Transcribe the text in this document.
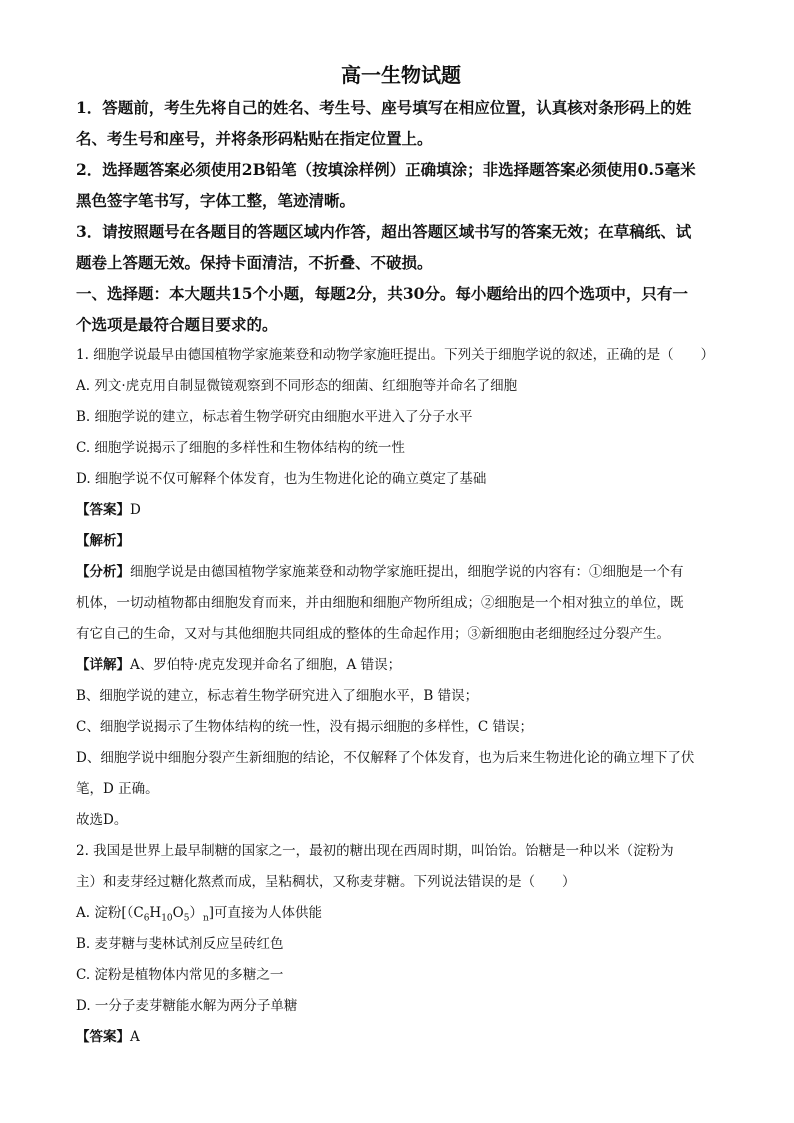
高一生物试题
1．答题前，考生先将自己的姓名、考生号、座号填写在相应位置，认真核对条形码上的姓
名、考生号和座号，并将条形码粘贴在指定位置上。
2．选择题答案必须使用2B铅笔（按填涂样例）正确填涂；非选择题答案必须使用0.5毫米
黑色签字笔书写，字体工整，笔迹清晰。
3．请按照题号在各题目的答题区域内作答，超出答题区域书写的答案无效；在草稿纸、试
题卷上答题无效。保持卡面清洁，不折叠、不破损。
一、选择题：本大题共15个小题，每题2分，共30分。每小题给出的四个选项中，只有一
个选项是最符合题目要求的。
1. 细胞学说最早由德国植物学家施莱登和动物学家施旺提出。下列关于细胞学说的叙述，正确的是（　　）
A. 列文·虎克用自制显微镜观察到不同形态的细菌、红细胞等并命名了细胞
B. 细胞学说的建立，标志着生物学研究由细胞水平进入了分子水平
C. 细胞学说揭示了细胞的多样性和生物体结构的统一性
D. 细胞学说不仅可解释个体发育，也为生物进化论的确立奠定了基础
【答案】D
【解析】
【分析】细胞学说是由德国植物学家施莱登和动物学家施旺提出，细胞学说的内容有：①细胞是一个有
机体，一切动植物都由细胞发育而来，并由细胞和细胞产物所组成；②细胞是一个相对独立的单位，既
有它自己的生命，又对与其他细胞共同组成的整体的生命起作用；③新细胞由老细胞经过分裂产生。
【详解】A、罗伯特·虎克发现并命名了细胞，A 错误；
B、细胞学说的建立，标志着生物学研究进入了细胞水平，B 错误；
C、细胞学说揭示了生物体结构的统一性，没有揭示细胞的多样性，C 错误；
D、细胞学说中细胞分裂产生新细胞的结论，不仅解释了个体发育，也为后来生物进化论的确立埋下了伏
笔，D 正确。
故选D。
2. 我国是世界上最早制糖的国家之一，最初的糖出现在西周时期，叫饴饴。饴糖是一种以米（淀粉为
主）和麦芽经过糖化熬煮而成，呈粘稠状，又称麦芽糖。下列说法错误的是（　　）
A. 淀粉$[(C_6H_{10}O_5)_n]$可直接为人体供能
B. 麦芽糖与斐林试剂反应呈砖红色
C. 淀粉是植物体内常见的多糖之一
D. 一分子麦芽糖能水解为两分子单糖
【答案】A
